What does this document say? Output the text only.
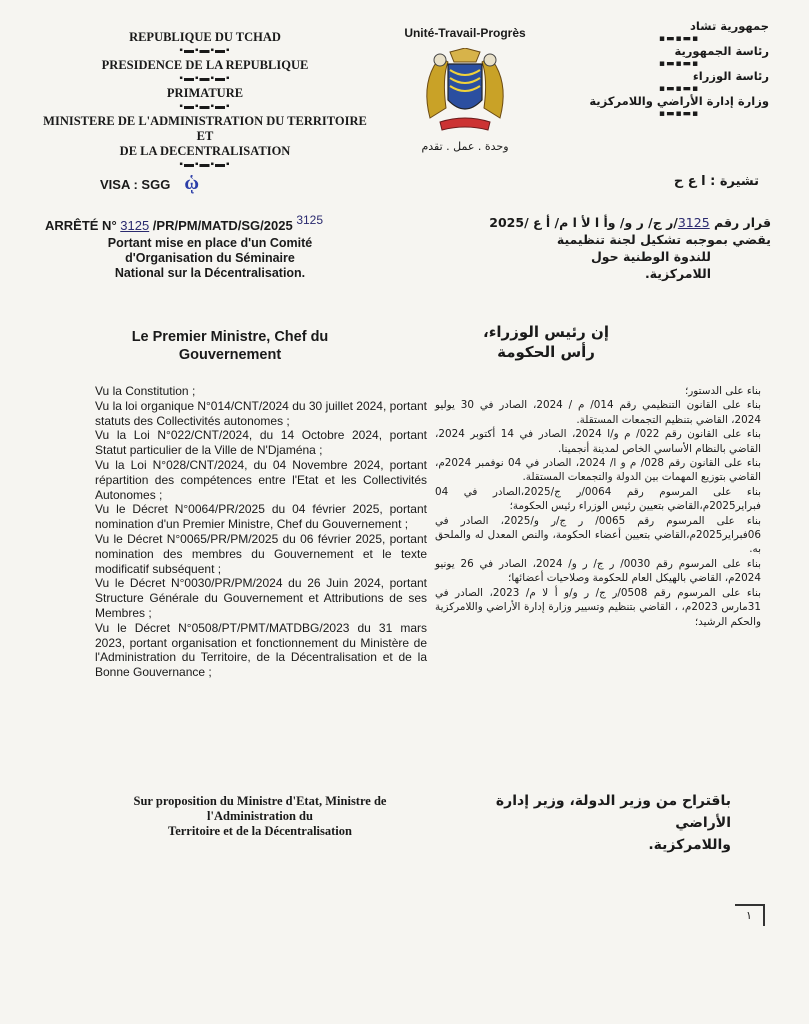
REPUBLIQUE DU TCHAD
▪▬▪▬▪▬▪
PRESIDENCE DE LA REPUBLIQUE
▪▬▪▬▪▬▪
PRIMATURE
▪▬▪▬▪▬▪
MINISTERE DE L'ADMINISTRATION DU TERRITOIRE ET
DE LA DECENTRALISATION
▪▬▪▬▪▬▪
Unité-Travail-Progrès
وحدة . عمل . تقدم
جمهورية تشاد
▪▬▪▬▪
رئاسة الجمهورية
▪▬▪▬▪
رئاسة الوزراء
▪▬▪▬▪
وزارة إدارة الأراضي واللامركزية
▪▬▪▬▪
VISA : SGG ᾡ	تشيرة : ا ع ح
ARRÊTÉ N° 3125 /PR/PM/MATD/SG/2025 3125
Portant mise en place d'un Comité
d'Organisation du Séminaire
National sur la Décentralisation.
قرار رقم 3125/ر ج/ ر و/ وأ ا لأ ا م/ أ ع /2025
يقضي بموجبه تشكيل لجنة تنظيمية
للندوة الوطنية حول
اللامركزية.
Le Premier Ministre, Chef du
Gouvernement
إن رئيس الوزراء،
رأس الحكومة

Vu la Constitution ;

Vu la loi organique N°014/CNT/2024 du 30 juillet 2024, portant statuts des Collectivités autonomes ;

Vu la Loi N°022/CNT/2024, du 14 Octobre 2024, portant Statut particulier de la Ville de N'Djaména ;

Vu la Loi N°028/CNT/2024, du 04 Novembre 2024, portant répartition des compétences entre l'Etat et les Collectivités Autonomes ;

Vu le Décret N°0064/PR/2025 du 04 février 2025, portant nomination d'un Premier Ministre, Chef du Gouvernement ;

Vu le Décret N°0065/PR/PM/2025 du 06 février 2025, portant nomination des membres du Gouvernement et le texte modificatif subséquent ;

Vu le Décret N°0030/PR/PM/2024 du 26 Juin 2024, portant Structure Générale du Gouvernement et Attributions de ses Membres ;

Vu le Décret N°0508/PT/PMT/MATDBG/2023 du 31 mars 2023, portant organisation et fonctionnement du Ministère de l'Administration du Territoire, de la Décentralisation et de la Bonne Gouvernance ;

بناء على الدستور؛

بناء على القانون التنظيمي رقم 014/ م / 2024، الصادر في 30 يوليو 2024، القاضي بتنظيم التجمعات المستقلة.

بناء على القانون رقم 022/ م و/ا 2024، الصادر في 14 أكتوبر 2024، القاضي بالنظام الأساسي الخاص لمدينة أنجمينا.

بناء على القانون رقم 028/ م و ا/ 2024، الصادر في 04 نوفمبر 2024م، القاضي بتوزيع المهمات بين الدولة والتجمعات المستقلة.

بناء على المرسوم رقم 0064/ر ج/2025،الصادر في 04 فبراير2025م،القاضي بتعيين رئيس الوزراء رئيس الحكومة؛

بناء على المرسوم رقم 0065/ ر ج/ر و/2025، الصادر في 06فبراير2025م،القاضي بتعيين أعضاء الحكومة، والنص المعدل له والملحق به.

بناء على المرسوم رقم 0030/ ر ج/ ر و/ 2024، الصادر في 26 يونيو 2024م، القاضي بالهيكل العام للحكومة وصلاحيات أعضائها؛

بناء على المرسوم رقم 0508/ر ج/ ر و/و أ لا م/ 2023، الصادر في 31مارس 2023م، ، القاضي بتنظيم وتسيير وزارة إدارة الأراضي واللامركزية والحكم الرشيد؛

Sur proposition du Ministre d'Etat, Ministre de
l'Administration du
Territoire et de la Décentralisation
باقتراح من وزير الدولة، وزير إدارة الأراضي
واللامركزية.
١
